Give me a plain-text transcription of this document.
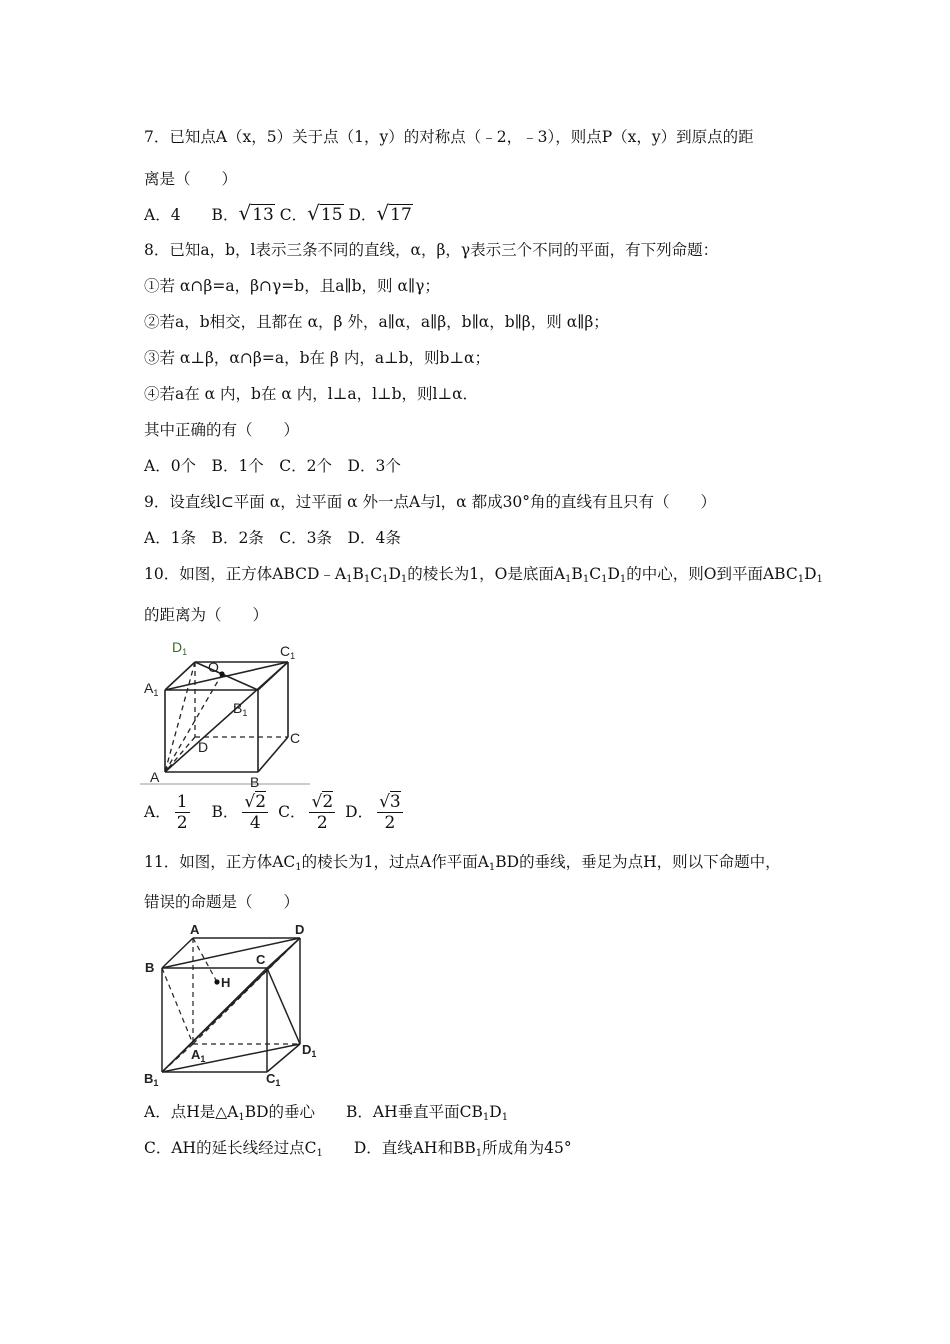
7．已知点A（x，5）关于点（1，y）的对称点（﹣2，﹣3），则点P（x，y）到原点的距
离是（　　）
A．4　　B．√13 C．√15 D．√17
8．已知a，b，l表示三条不同的直线，α，β，γ表示三个不同的平面，有下列命题：
①若 α∩β=a，β∩γ=b，且a∥b，则 α∥γ；
②若a，b相交，且都在 α，β 外，a∥α，a∥β，b∥α，b∥β，则 α∥β；
③若 α⊥β，α∩β=a，b在 β 内，a⊥b，则b⊥α；
④若a在 α 内，b在 α 内，l⊥a，l⊥b，则l⊥α．
其中正确的有（　　）
A．0个　B．1个　C．2个　D．3个
9．设直线l⊂平面 α，过平面 α 外一点A与l，α 都成30°角的直线有且只有（　　）
A．1条　B．2条　C．3条　D．4条
10．如图，正方体$ABCD﹣A_1B_1C_1D_1$的棱长为1，O是底面$A_1B_1C_1D_1$的中心，则O到平面$ABC_1D_1$
的距离为（　　）
$D_1$
O
$C_1$
$A_1$
$B_1$
D
C
A	B
A． $\frac{1}{2}$ B． $\frac{√2}{4}$ C． $\frac{√2}{2}$ D． $\frac{√3}{2}$
11．如图，正方体$AC_1$的棱长为1，过点A作平面$A_1BD$的垂线，垂足为点H，则以下命题中，
错误的命题是（　　）
A	D
B
C
H
$A_1$
$D_1$
$B_1$	$C_1$
A．点H是$\triangle A_1BD$的垂心　　B．AH垂直平面$CB_1D_1$
C．AH的延长线经过点$C_1$　　D．直线AH和$BB_1$所成角为45°
